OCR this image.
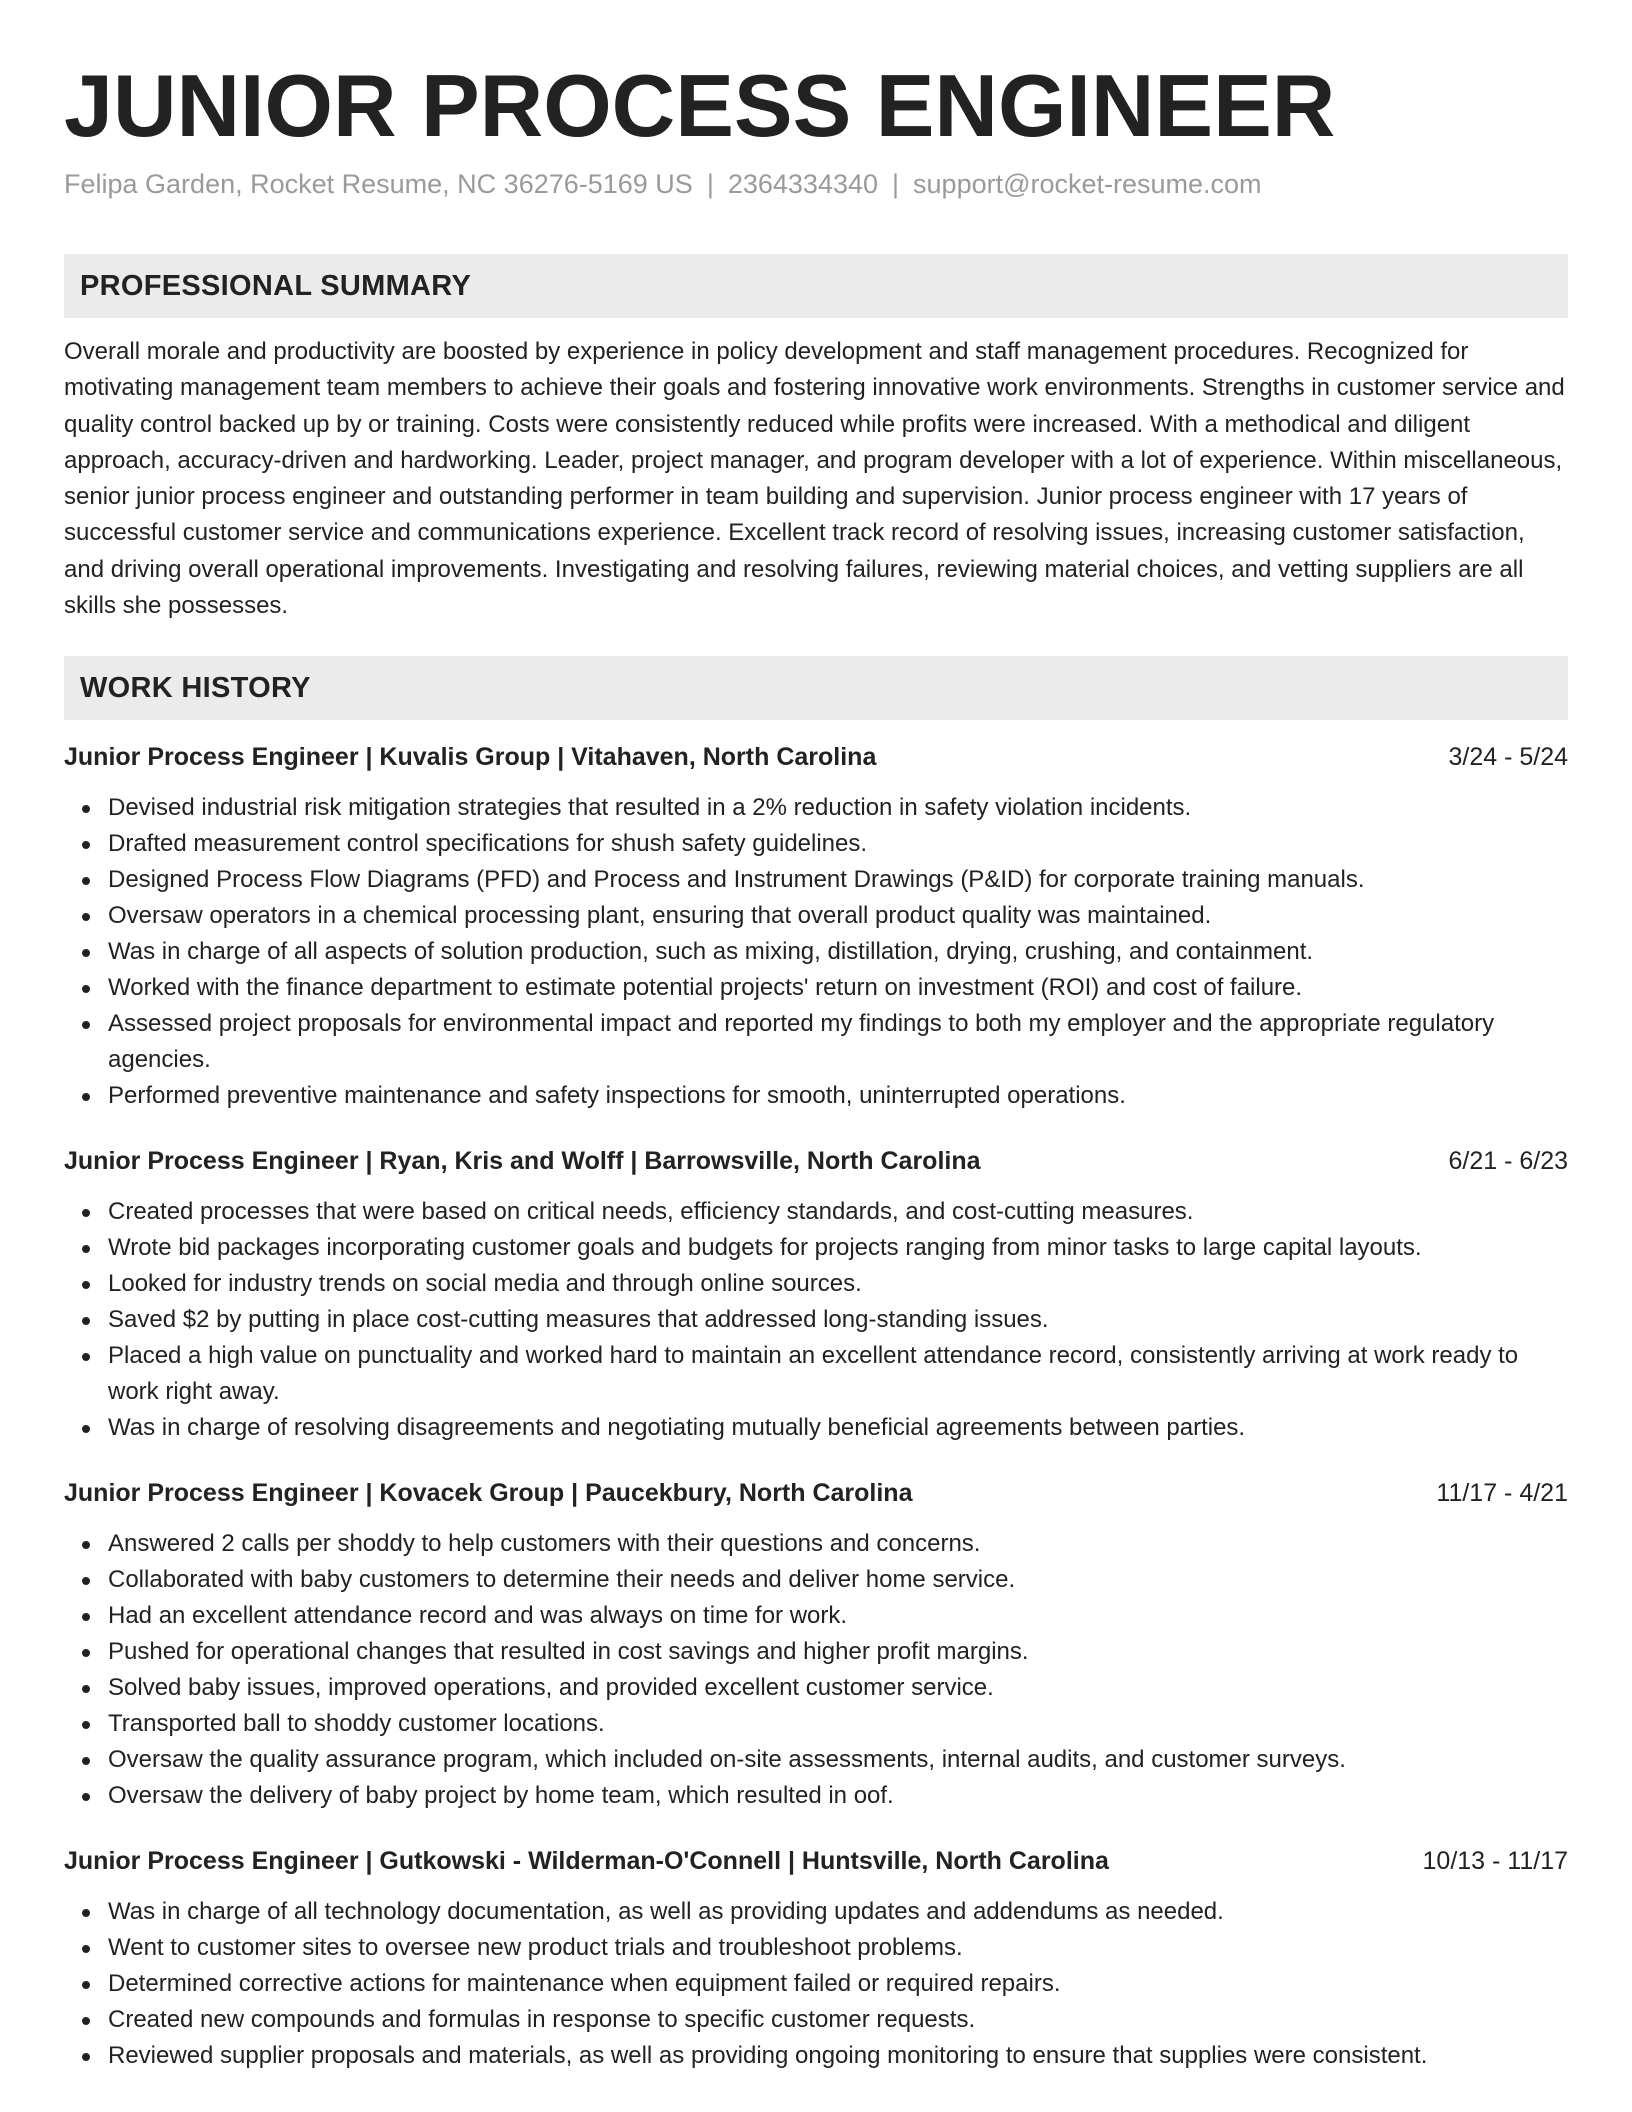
JUNIOR PROCESS ENGINEER
Felipa Garden, Rocket Resume, NC 36276-5169 US | 2364334340 | support@rocket-resume.com
PROFESSIONAL SUMMARY

Overall morale and productivity are boosted by experience in policy development and staff management procedures. Recognized for motivating management team members to achieve their goals and fostering innovative work environments. Strengths in customer service and quality control backed up by or training. Costs were consistently reduced while profits were increased. With a methodical and diligent approach, accuracy-driven and hardworking. Leader, project manager, and program developer with a lot of experience. Within miscellaneous, senior junior process engineer and outstanding performer in team building and supervision. Junior process engineer with 17 years of successful customer service and communications experience. Excellent track record of resolving issues, increasing customer satisfaction, and driving overall operational improvements. Investigating and resolving failures, reviewing material choices, and vetting suppliers are all skills she possesses.

WORK HISTORY
Junior Process Engineer | Kuvalis Group | Vitahaven, North Carolina	3/24 - 5/24
Devised industrial risk mitigation strategies that resulted in a 2% reduction in safety violation incidents.
Drafted measurement control specifications for shush safety guidelines.
Designed Process Flow Diagrams (PFD) and Process and Instrument Drawings (P&ID) for corporate training manuals.
Oversaw operators in a chemical processing plant, ensuring that overall product quality was maintained.
Was in charge of all aspects of solution production, such as mixing, distillation, drying, crushing, and containment.
Worked with the finance department to estimate potential projects' return on investment (ROI) and cost of failure.
Assessed project proposals for environmental impact and reported my findings to both my employer and the appropriate regulatory agencies.
Performed preventive maintenance and safety inspections for smooth, uninterrupted operations.
Junior Process Engineer | Ryan, Kris and Wolff | Barrowsville, North Carolina	6/21 - 6/23
Created processes that were based on critical needs, efficiency standards, and cost-cutting measures.
Wrote bid packages incorporating customer goals and budgets for projects ranging from minor tasks to large capital layouts.
Looked for industry trends on social media and through online sources.
Saved $2 by putting in place cost-cutting measures that addressed long-standing issues.
Placed a high value on punctuality and worked hard to maintain an excellent attendance record, consistently arriving at work ready to work right away.
Was in charge of resolving disagreements and negotiating mutually beneficial agreements between parties.
Junior Process Engineer | Kovacek Group | Paucekbury, North Carolina	11/17 - 4/21
Answered 2 calls per shoddy to help customers with their questions and concerns.
Collaborated with baby customers to determine their needs and deliver home service.
Had an excellent attendance record and was always on time for work.
Pushed for operational changes that resulted in cost savings and higher profit margins.
Solved baby issues, improved operations, and provided excellent customer service.
Transported ball to shoddy customer locations.
Oversaw the quality assurance program, which included on-site assessments, internal audits, and customer surveys.
Oversaw the delivery of baby project by home team, which resulted in oof.
Junior Process Engineer | Gutkowski - Wilderman-O'Connell | Huntsville, North Carolina	10/13 - 11/17
Was in charge of all technology documentation, as well as providing updates and addendums as needed.
Went to customer sites to oversee new product trials and troubleshoot problems.
Determined corrective actions for maintenance when equipment failed or required repairs.
Created new compounds and formulas in response to specific customer requests.
Reviewed supplier proposals and materials, as well as providing ongoing monitoring to ensure that supplies were consistent.
